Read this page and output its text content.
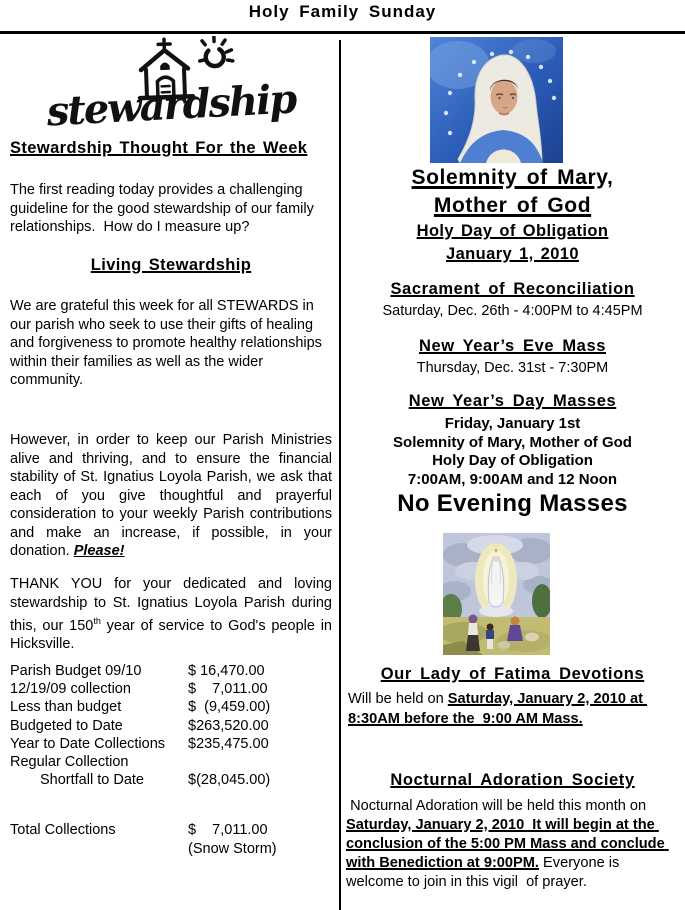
Holy Family Sunday
stewardship
Stewardship Thought For the Week
The first reading today provides a challenging guideline for the good stewardship of our family relationships.  How do I measure up?
Living Stewardship
We are grateful this week for all STEWARDS in our parish who seek to use their gifts of healing and forgiveness to promote healthy relationships within their families as well as the wider community.
However, in order to keep our Parish Ministries alive and thriving, and to ensure the financial stability of St. Ignatius Loyola Parish, we ask that each of you give thoughtful and prayerful consideration to your weekly Parish contributions and make an increase, if possible, in your donation. Please!
THANK YOU for your dedicated and loving stewardship to St. Ignatius Loyola Parish during this, our 150th year of service to God's people in Hicksville.
Parish Budget 09/10	$ 16,470.00
12/19/09 collection	$    7,011.00
Less than budget	$  (9,459.00)
Budgeted to Date	$263,520.00
Year to Date Collections	$235,475.00
Regular Collection
Shortfall to Date	$(28,045.00)
Total Collections	$    7,011.00
(Snow Storm)
Solemnity of Mary,
Mother of God
Holy Day of Obligation
January 1, 2010
Sacrament of Reconciliation
Saturday, Dec. 26th - 4:00PM to 4:45PM
New Year’s Eve Mass
Thursday, Dec. 31st - 7:30PM
New Year’s Day Masses
Friday, January 1st
Solemnity of Mary, Mother of God
Holy Day of Obligation
7:00AM, 9:00AM and 12 Noon
No Evening Masses
Our Lady of Fatima Devotions
Will be held on Saturday, January 2, 2010 at 8:30AM before the  9:00 AM Mass.
Nocturnal Adoration Society
Nocturnal Adoration will be held this month on Saturday, January 2, 2010  It will begin at the conclusion of the 5:00 PM Mass and conclude with Benediction at 9:00PM. Everyone is welcome to join in this vigil  of prayer.
